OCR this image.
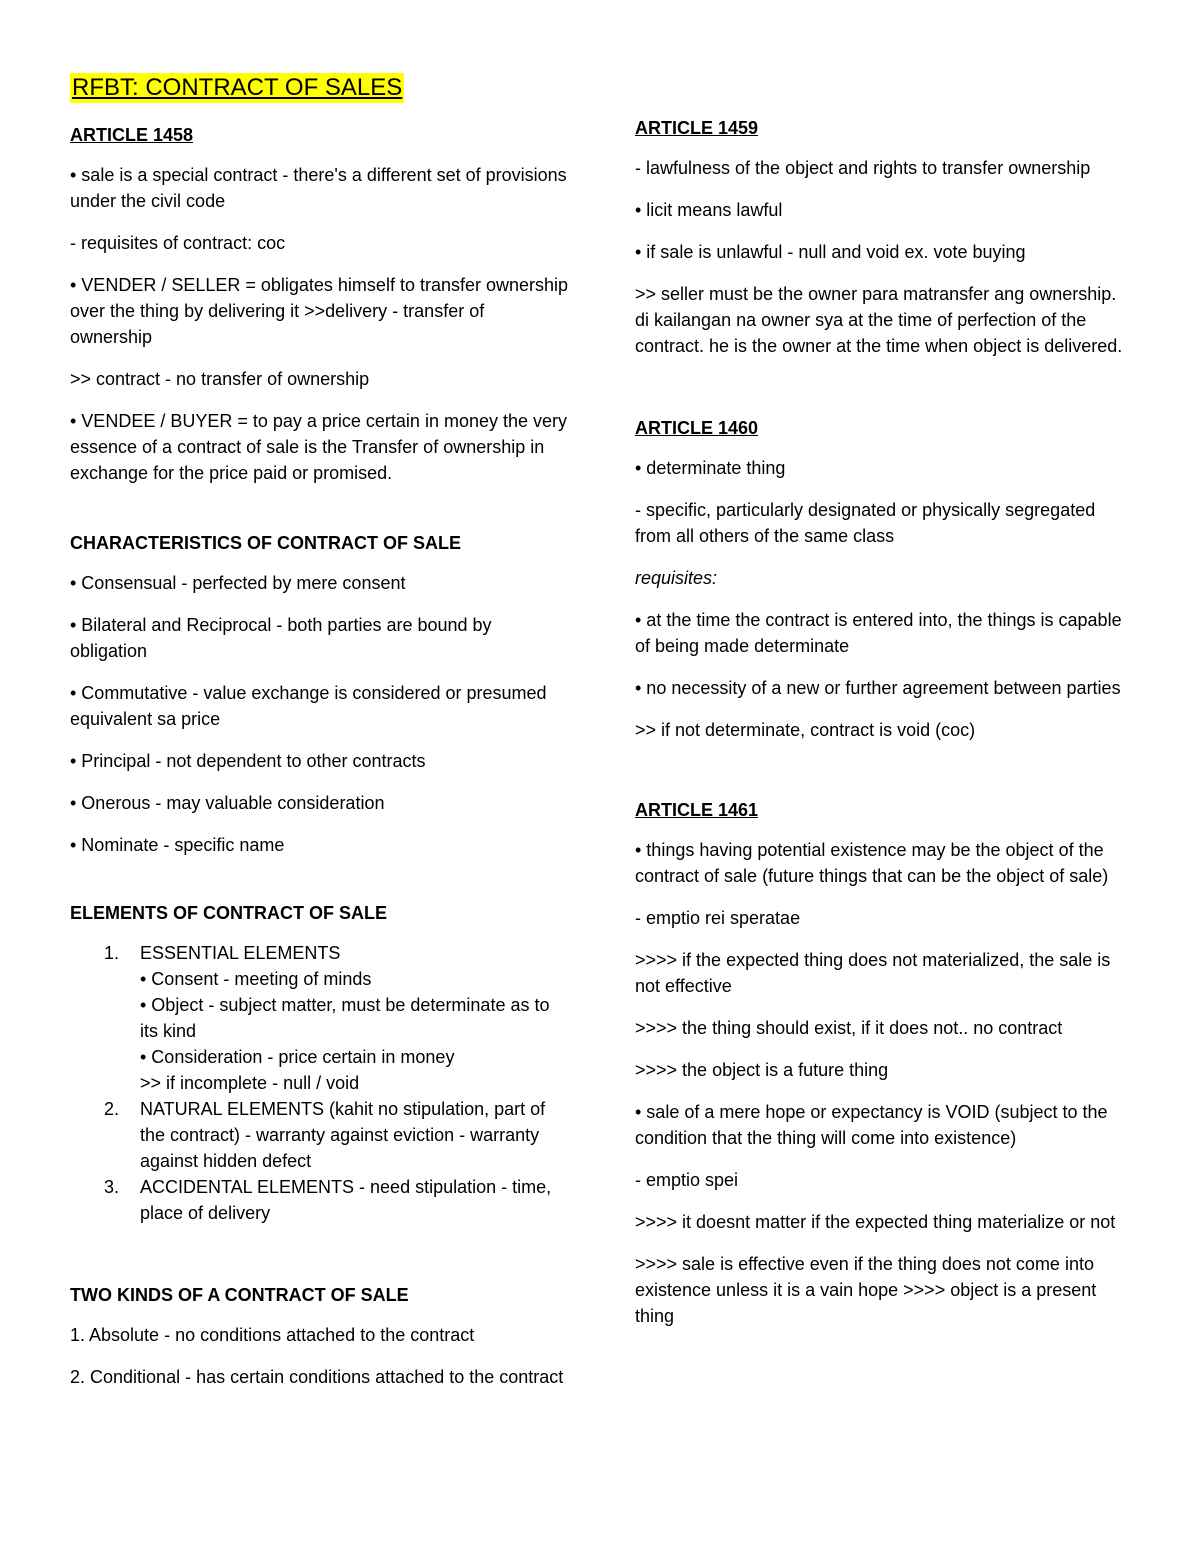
RFBT: CONTRACT OF SALES

ARTICLE 1458

• sale is a special contract - there's a different set of provisions under the civil code

- requisites of contract: coc

• VENDER / SELLER = obligates himself to transfer ownership over the thing by delivering it >>delivery - transfer of ownership

>> contract - no transfer of ownership

• VENDEE / BUYER = to pay a price certain in money the very essence of a contract of sale is the Transfer of ownership in exchange for the price paid or promised.

CHARACTERISTICS OF CONTRACT OF SALE

• Consensual - perfected by mere consent

• Bilateral and Reciprocal - both parties are bound by obligation

• Commutative - value exchange is considered or presumed equivalent sa price

• Principal - not dependent to other contracts

• Onerous - may valuable consideration

• Nominate - specific name

ELEMENTS OF CONTRACT OF SALE

1. ESSENTIAL ELEMENTS
• Consent - meeting of minds
• Object - subject matter, must be determinate as to its kind
• Consideration - price certain in money
>> if incomplete - null / void
2. NATURAL ELEMENTS (kahit no stipulation, part of the contract) - warranty against eviction - warranty against hidden defect
3. ACCIDENTAL ELEMENTS - need stipulation - time, place of delivery

TWO KINDS OF A CONTRACT OF SALE

1. Absolute - no conditions attached to the contract

2. Conditional - has certain conditions attached to the contract

ARTICLE 1459

- lawfulness of the object and rights to transfer ownership

• licit means lawful

• if sale is unlawful - null and void ex. vote buying

>> seller must be the owner para matransfer ang ownership. di kailangan na owner sya at the time of perfection of the contract. he is the owner at the time when object is delivered.

ARTICLE 1460

• determinate thing

- specific, particularly designated or physically segregated from all others of the same class

requisites:

• at the time the contract is entered into, the things is capable of being made determinate

• no necessity of a new or further agreement between parties

>> if not determinate, contract is void (coc)

ARTICLE 1461

• things having potential existence may be the object of the contract of sale (future things that can be the object of sale)

- emptio rei speratae

>>>> if the expected thing does not materialized, the sale is not effective

>>>> the thing should exist, if it does not.. no contract

>>>> the object is a future thing

• sale of a mere hope or expectancy is VOID (subject to the condition that the thing will come into existence)

- emptio spei

>>>> it doesnt matter if the expected thing materialize or not

>>>> sale is effective even if the thing does not come into existence unless it is a vain hope >>>> object is a present thing
